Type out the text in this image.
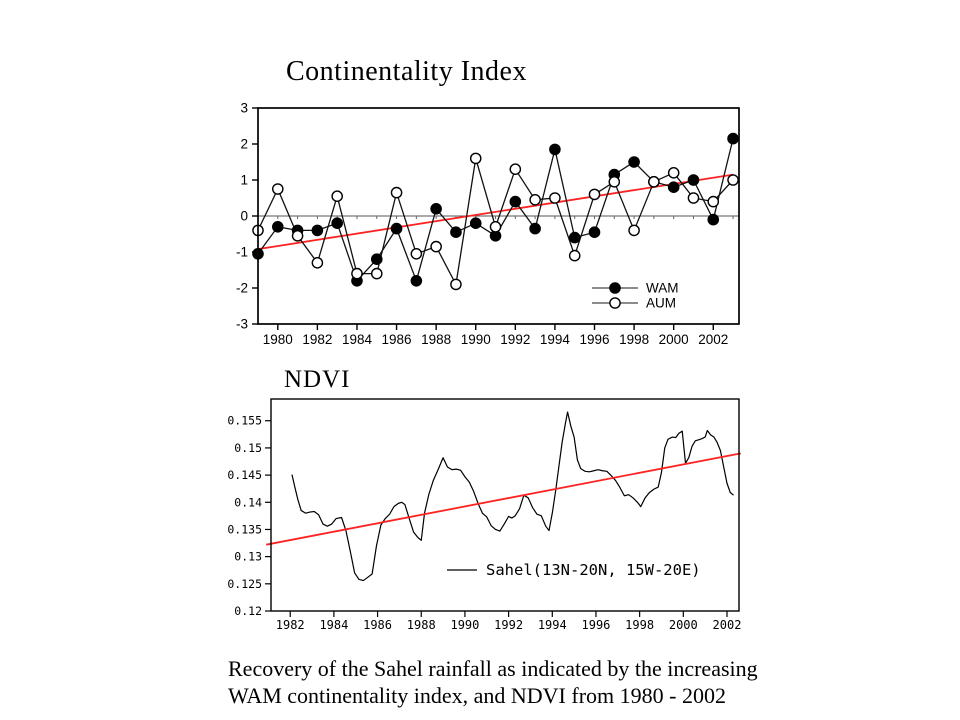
Continentality Index
3
2
1
0
-1
-2
-3
1980 1982 1984 1986 1988 1990 1992 1994 1996 1998 2000 2002
WAM
AUM
NDVI
0.155
0.15
0.145
0.14
0.135
0.13
0.125
0.12
1982 1984 1986 1988 1990 1992 1994 1996 1998 2000 2002
Sahel(13N-20N, 15W-20E)
Recovery of the Sahel rainfall as indicated by the increasing
WAM continentality index, and NDVI from 1980 - 2002
